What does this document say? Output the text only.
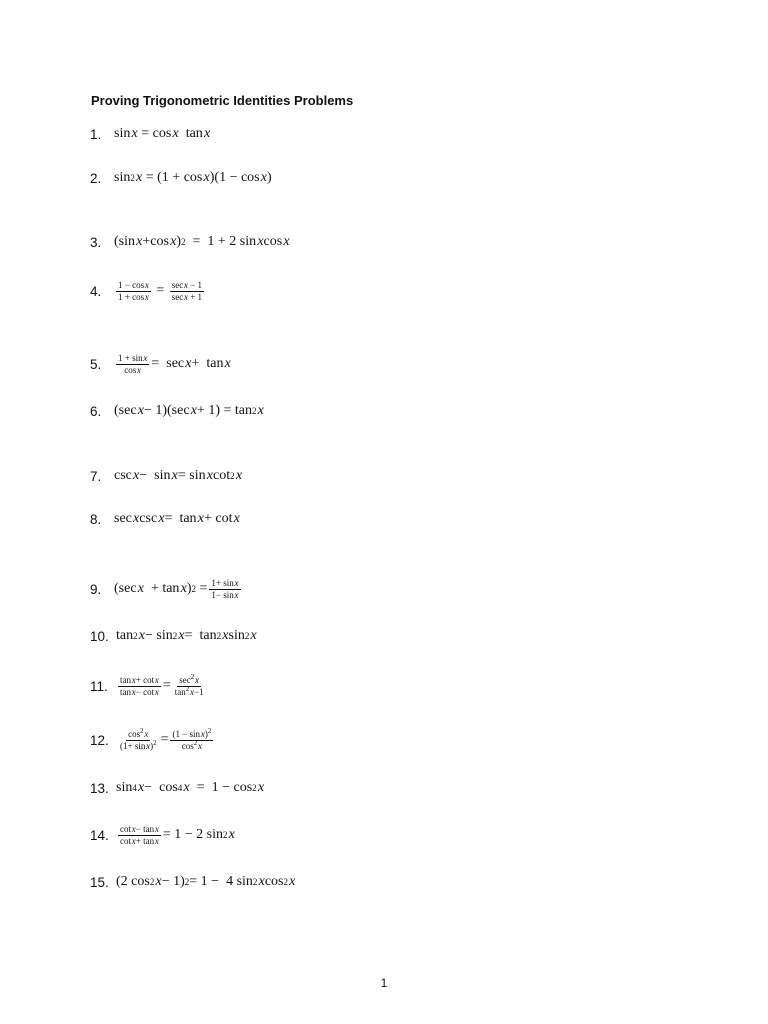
Proving Trigonometric Identities Problems
1. sin  x = cos  x tan  x
2. sin 2
  x = (1 + cos  x )(1 − cos  x )
3. (sin  x +cos  x ) 2 =  1 + 2 sin  x cos  x
4.	$\frac{\text{1 − cos x}}{\text{1 + cos x}} = \frac{\text{sec x − 1}}{\text{sec x + 1}}$
5.	$\frac{\text{1 + sin x}}{\text{cos x}} = \sec$  x +  tan  x
6. (sec  x − 1)(sec  x + 1) = tan 2
  x
7. csc  x −  sin  x = sin  x cot 2
  x
8. sec  x csc  x =  tan  x + cot  x
9. (sec  x + tan  x ) $2 = \frac{\text{1+ sin x}}{\text{1− sin x}}$
10. tan 2
  x − sin 2
  x =  tan 2
  x sin 2
  x
11.	$\frac{\text{tan x+ cot x}}{\text{tan x− cot x}} = \frac{\sec^2 x}{\tan^2 x-1}$
12.	$\frac{\cos^2 x}{(1+ \sin x)^2} = \frac{(1 - \sin x)^2}{\cos^2 x}$
13. sin 4
  x −  cos 4
  x =  1 − cos 2
  x
14.	$\frac{\text{cot x− tan x}}{\text{cot x+ tan x}} = 1 - 2$ sin 2
  x
15. (2 cos 2
  x − 1) 2 = 1 −  4 sin 2
  x cos 2
  x
1
